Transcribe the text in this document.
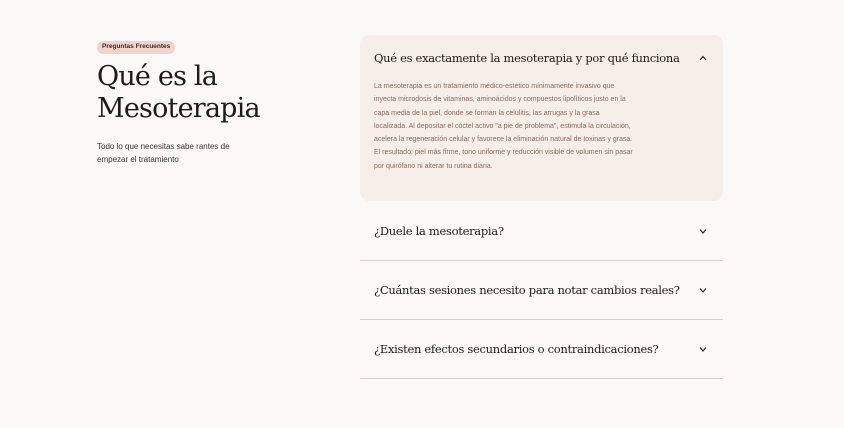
Preguntas Frecuentes
Qué es la
Mesoterapia

Todo lo que necesitas sabe rantes de empezar el tratamiento

Qué es exactamente la mesoterapia y por qué funciona
La mesoterapia es un tratamiento médico-estético mínimamente invasivo que inyecta microdosis de vitaminas, aminoácidos y compuestos lipolíticos justo en la capa media de la piel, donde se forman la celulitis, las arrugas y la grasa localizada. Al depositar el cóctel activo "a pie de problema", estimula la circulación, acelera la regeneración celular y favorece la eliminación natural de toxinas y grasa. El resultado: piel más firme, tono uniforme y reducción visible de volumen sin pasar por quirófano ni alterar tu rutina diaria.
¿Duele la mesoterapia?
¿Cuántas sesiones necesito para notar cambios reales?
¿Existen efectos secundarios o contraindicaciones?
